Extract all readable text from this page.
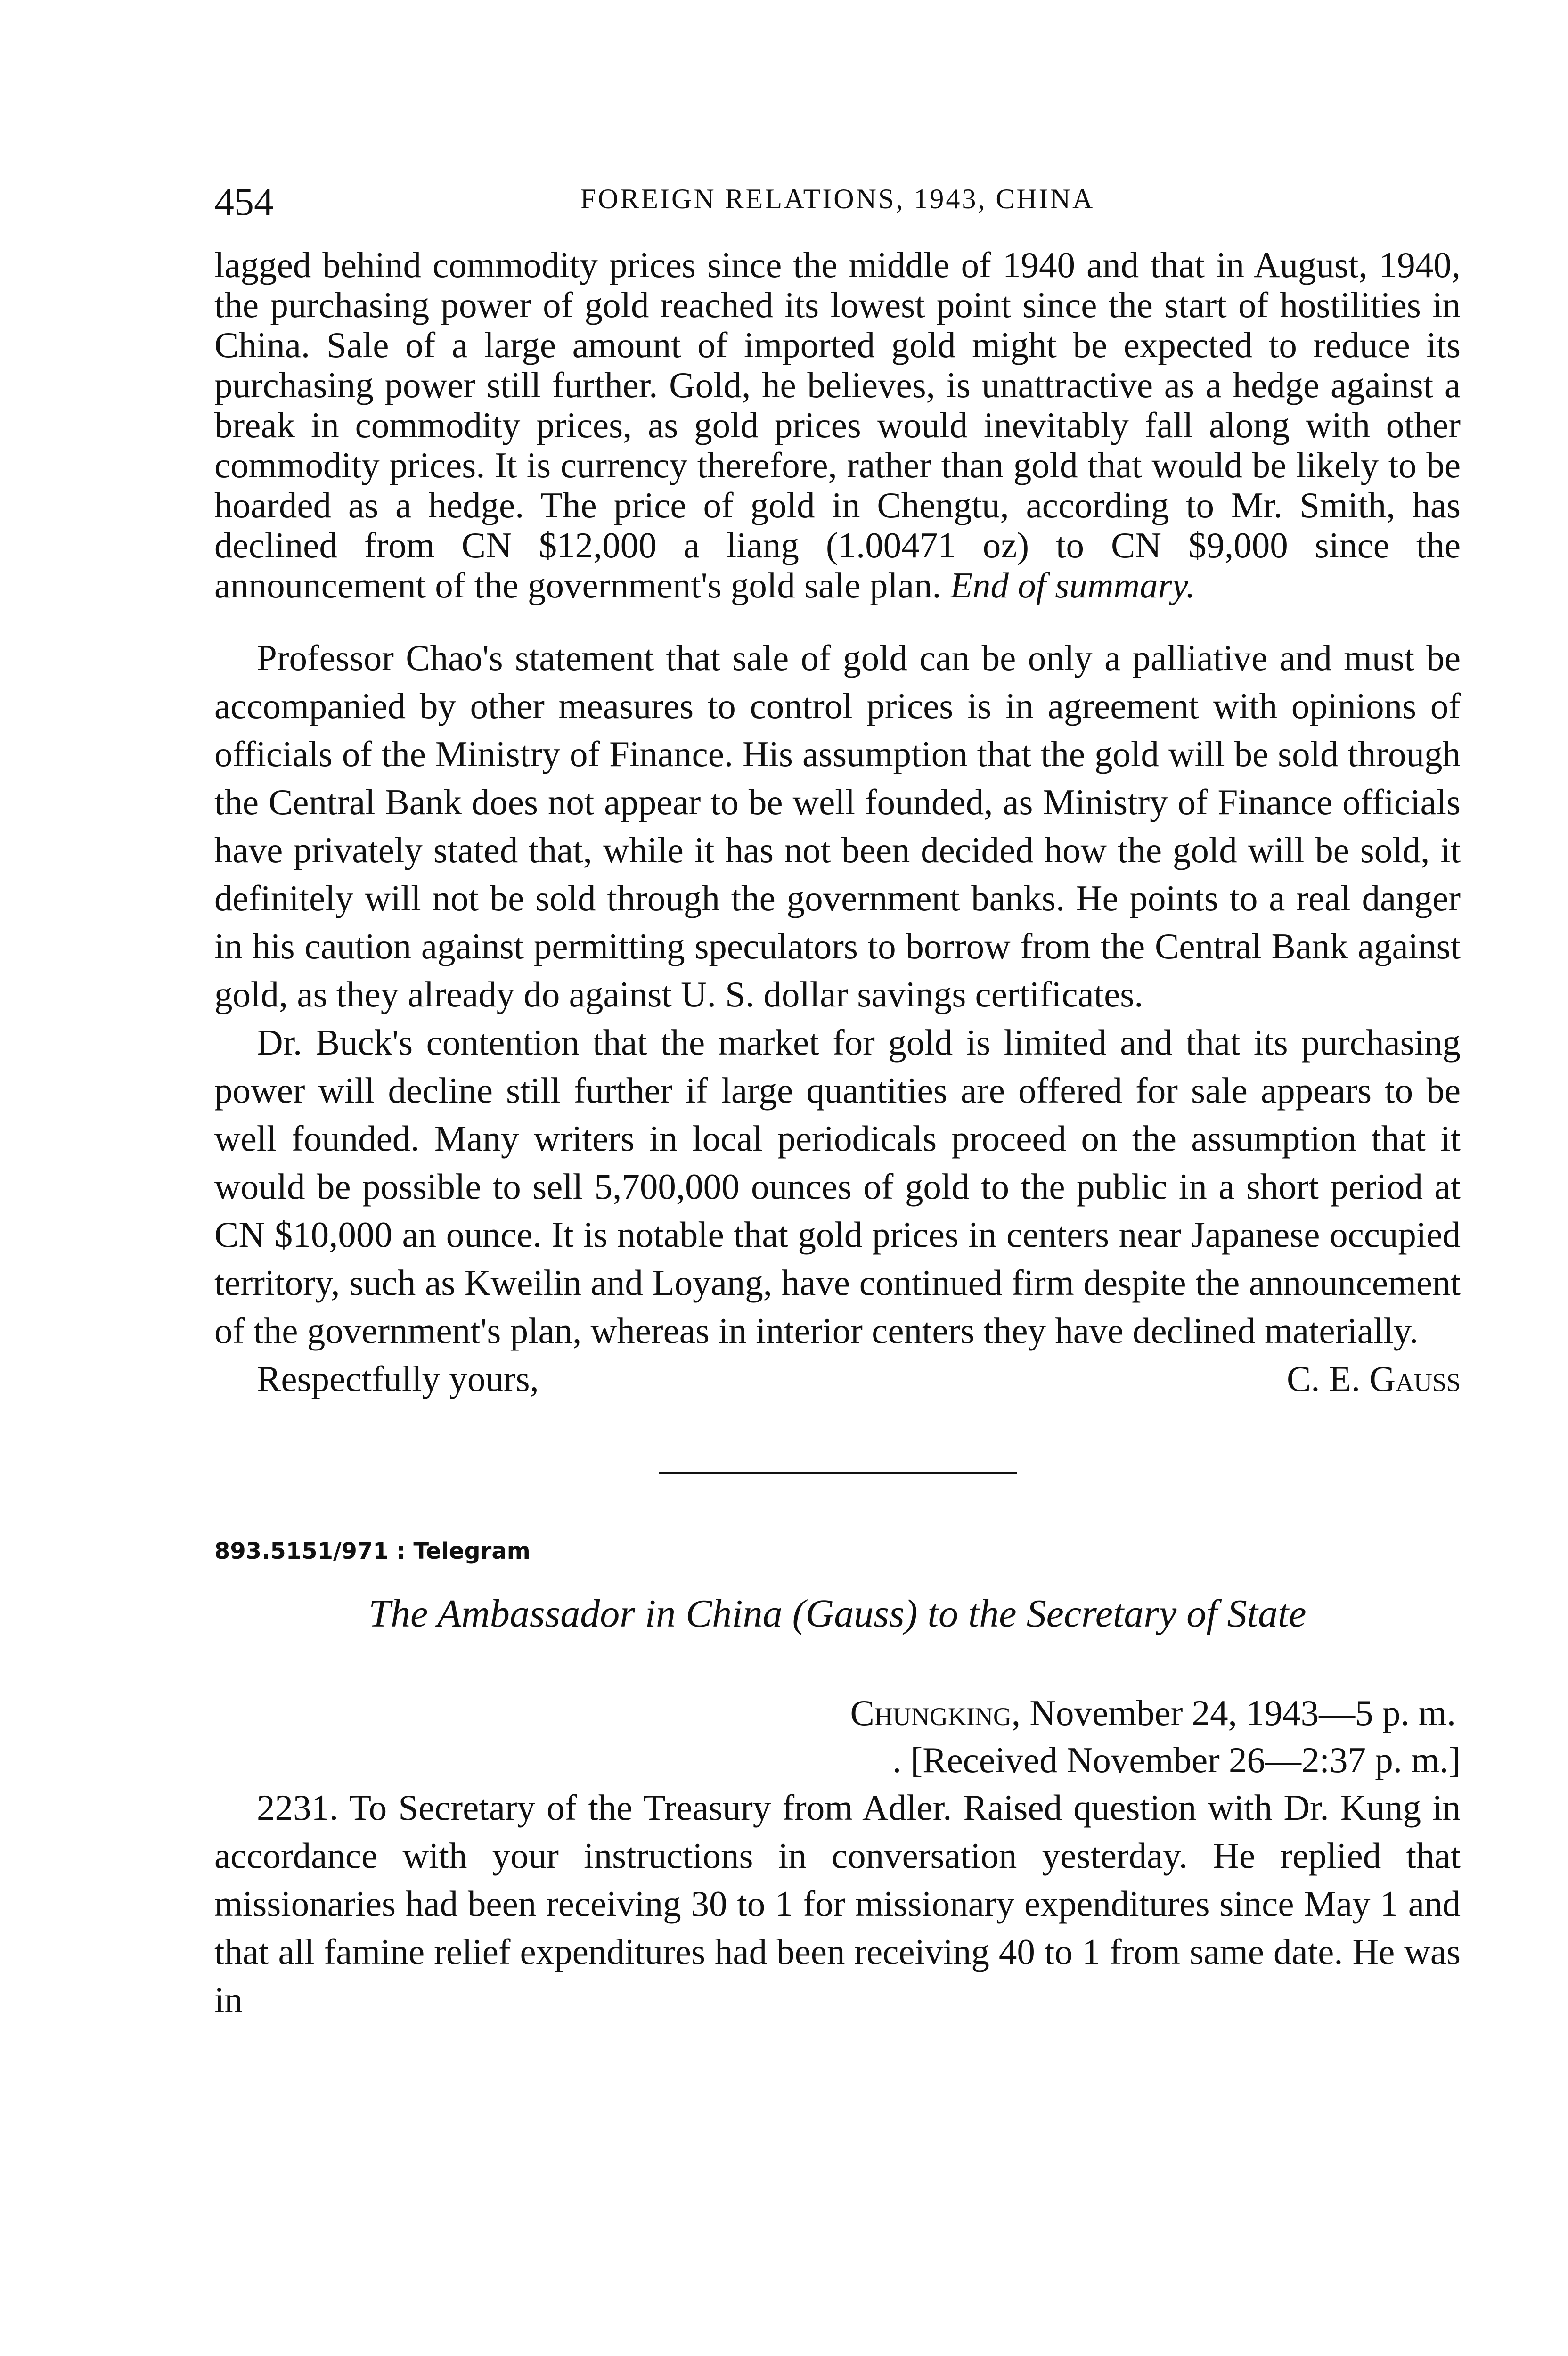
454	FOREIGN RELATIONS, 1943, CHINA

lagged behind commodity prices since the middle of 1940 and that in August, 1940, the purchasing power of gold reached its lowest point since the start of hostilities in China. Sale of a large amount of imported gold might be expected to reduce its purchasing power still further. Gold, he believes, is unattractive as a hedge against a break in commodity prices, as gold prices would inevitably fall along with other commodity prices. It is currency therefore, rather than gold that would be likely to be hoarded as a hedge. The price of gold in Chengtu, according to Mr. Smith, has declined from CN $12,000 a liang (1.00471 oz) to CN $9,000 since the announcement of the government's gold sale plan. End of summary.

Professor Chao's statement that sale of gold can be only a palliative and must be accompanied by other measures to control prices is in agreement with opinions of officials of the Ministry of Finance. His assumption that the gold will be sold through the Central Bank does not appear to be well founded, as Ministry of Finance officials have privately stated that, while it has not been decided how the gold will be sold, it definitely will not be sold through the government banks. He points to a real danger in his caution against permitting speculators to borrow from the Central Bank against gold, as they already do against U. S. dollar savings certificates.

Dr. Buck's contention that the market for gold is limited and that its purchasing power will decline still further if large quantities are offered for sale appears to be well founded. Many writers in local periodicals proceed on the assumption that it would be possible to sell 5,700,000 ounces of gold to the public in a short period at CN $10,000 an ounce. It is notable that gold prices in centers near Japanese occupied territory, such as Kweilin and Loyang, have continued firm despite the announcement of the government's plan, whereas in interior centers they have declined materially.

Respectfully yours,	C. E. Gauss
893.5151/971 : Telegram
The Ambassador in China (Gauss) to the Secretary of State
Chungking, November 24, 1943—5 p. m.
. [Received November 26—2:37 p. m.]

2231. To Secretary of the Treasury from Adler. Raised question with Dr. Kung in accordance with your instructions in conversation yesterday. He replied that missionaries had been receiving 30 to 1 for missionary expenditures since May 1 and that all famine relief expenditures had been receiving 40 to 1 from same date. He was in
